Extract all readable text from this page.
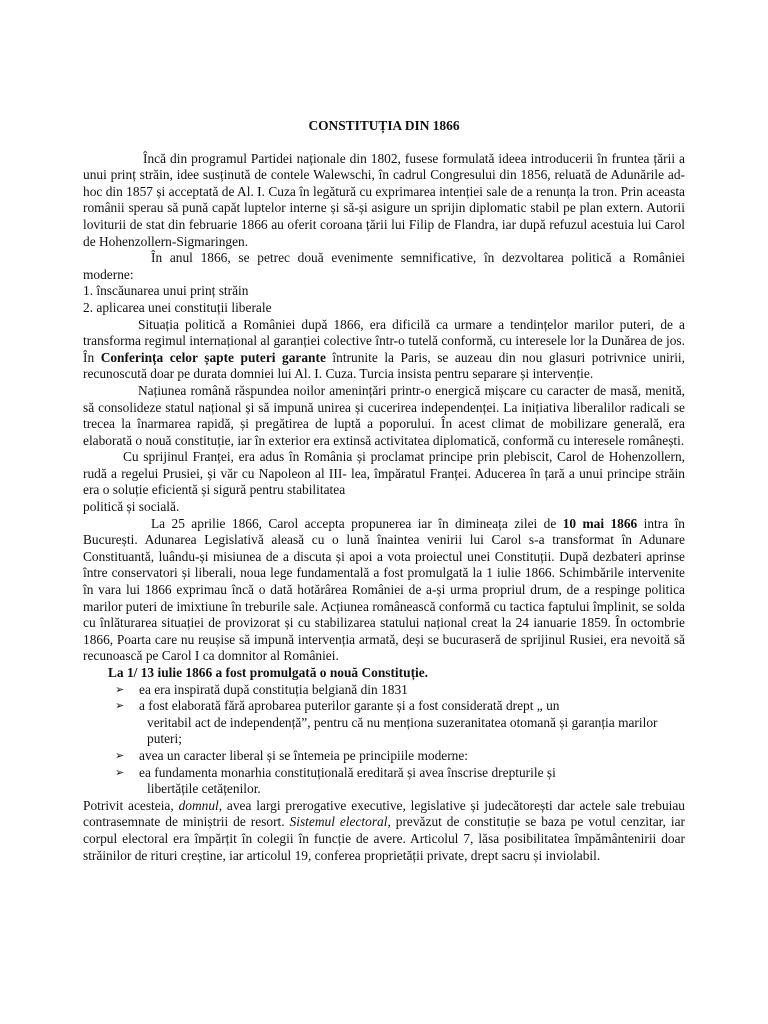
CONSTITUȚIA DIN 1866

Încă din programul Partidei naționale din 1802, fusese formulată ideea introducerii în fruntea țării a unui prinț străin, idee susținută de contele Walewschi, în cadrul Congresului din 1856, reluată de Adunările ad-hoc din 1857 și acceptată de Al. I. Cuza în legătură cu exprimarea intenției sale de a renunța la tron. Prin aceasta românii sperau să pună capăt luptelor interne și să-și asigure un sprijin diplomatic stabil pe plan extern. Autorii loviturii de stat din februarie 1866 au oferit coroana țării lui Filip de Flandra, iar după refuzul acestuia lui Carol de Hohenzollern-Sigmaringen.

În anul 1866, se petrec două evenimente semnificative, în dezvoltarea politică a României moderne:

1. înscăunarea unui prinț străin
2. aplicarea unei constituții liberale

Situația politică a României după 1866, era dificilă ca urmare a tendințelor marilor puteri, de a transforma regimul internațional al garanției colective într-o tutelă conformă, cu interesele lor la Dunărea de jos. În Conferința celor șapte puteri garante întrunite la Paris, se auzeau din nou glasuri potrivnice unirii, recunoscută doar pe durata domniei lui Al. I. Cuza. Turcia insista pentru separare și intervenție.

Națiunea română răspundea noilor amenințări printr-o energică mișcare cu caracter de masă, menită, să consolideze statul național și să impună unirea și cucerirea independenței. La inițiativa liberalilor radicali se trecea la înarmarea rapidă, și pregătirea de luptă a poporului. În acest climat de mobilizare generală, era elaborată o nouă constituție, iar în exterior era extinsă activitatea diplomatică, conformă cu interesele românești.

Cu sprijinul Franței, era adus în România și proclamat principe prin plebiscit, Carol de Hohenzollern, rudă a regelui Prusiei, și văr cu Napoleon al III- lea, împăratul Franței. Aducerea în țară a unui principe străin era o soluție eficientă și sigură pentru stabilitatea

politică și socială.

La 25 aprilie 1866, Carol accepta propunerea iar în dimineața zilei de 10 mai 1866 intra în București. Adunarea Legislativă aleasă cu o lună înaintea venirii lui Carol s-a transformat în Adunare Constituantă, luându-și misiunea de a discuta și apoi a vota proiectul unei Constituții. După dezbateri aprinse între conservatori și liberali, noua lege fundamentală a fost promulgată la 1 iulie 1866. Schimbările intervenite în vara lui 1866 exprimau încă o dată hotărârea României de a-și urma propriul drum, de a respinge politica marilor puteri de imixtiune în treburile sale. Acțiunea românească conformă cu tactica faptului împlinit, se solda cu înlăturarea situației de provizorat și cu stabilizarea statului național creat la 24 ianuarie 1859. În octombrie 1866, Poarta care nu reușise să impună intervenția armată, deși se bucuraseră de sprijinul Rusiei, era nevoită să recunoască pe Carol I ca domnitor al României.

La 1/ 13 iulie 1866 a fost promulgată o nouă Constituție.

➢ ea era inspirată după constituția belgiană din 1831
➢ a fost elaborată fără aprobarea puterilor garante și a fost considerată drept „ un
veritabil act de independență”, pentru că nu menționa suzeranitatea otomană și garanția marilor puteri;
➢ avea un caracter liberal și se întemeia pe principiile moderne:
➢ ea fundamenta monarhia constituțională ereditară și avea înscrise drepturile și
libertățile cetățenilor.

Potrivit acesteia, domnul, avea largi prerogative executive, legislative și judecătorești dar actele sale trebuiau contrasemnate de miniștrii de resort. Sistemul electoral, prevăzut de constituție se baza pe votul cenzitar, iar corpul electoral era împărțit în colegii în funcție de avere. Articolul 7, lăsa posibilitatea împământenirii doar străinilor de rituri creștine, iar articolul 19, conferea proprietății private, drept sacru și inviolabil.
